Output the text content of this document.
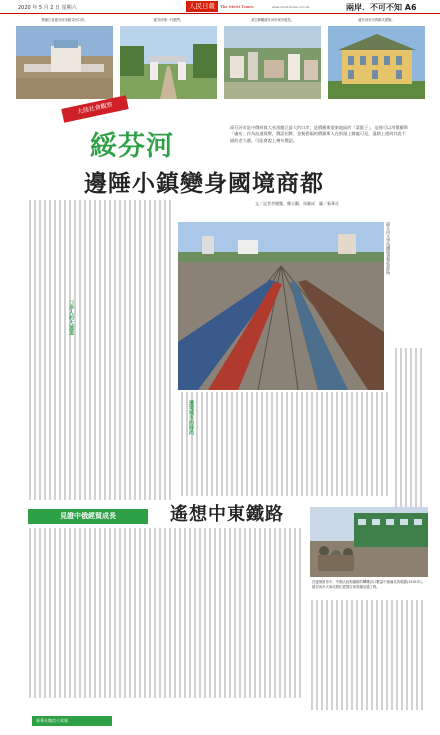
2020 年 5 月 2 日 星期六	人民日報	The Merit Times	www.merit-times.com.tw	兩岸．不可不知 A6
黑龍江省綏芬河市綏芬河口岸。	綏芬河第一代國門。	高空俯瞰綏芬河市城市建設。	綏芬河市內的歐式建築。
大陸社會觀察
綏芬河
綏芬河市是中俄經貿大省黑龍江最大的口岸，是俄羅斯滾東地區的「菜籃子」，這裡可以用俄羅斯「盧布」作為流通貨幣，俄語招牌、金髮碧眼的俄羅斯人在街頭上隨處可見，還路上遇到其說不描的老大爺，可能會說上幾句俄語。
邊陲小鎮變身國境商都
文／記者李鳳雙、鄭天鵬、馬曉成　圖／新華社
口岸人的大通道
綏芬河火車站鐵路貨物裝卸區。
邊境城市的時尚
見證中俄經貿成長	遙想中東鐵路
在邊境貿易中，中國大陸對鐵路的轉機出口數量中最滿足的環節(1931年)，綏芬河市火車站繁忙經貿往來現場及過工程。
新華社微信公眾號
